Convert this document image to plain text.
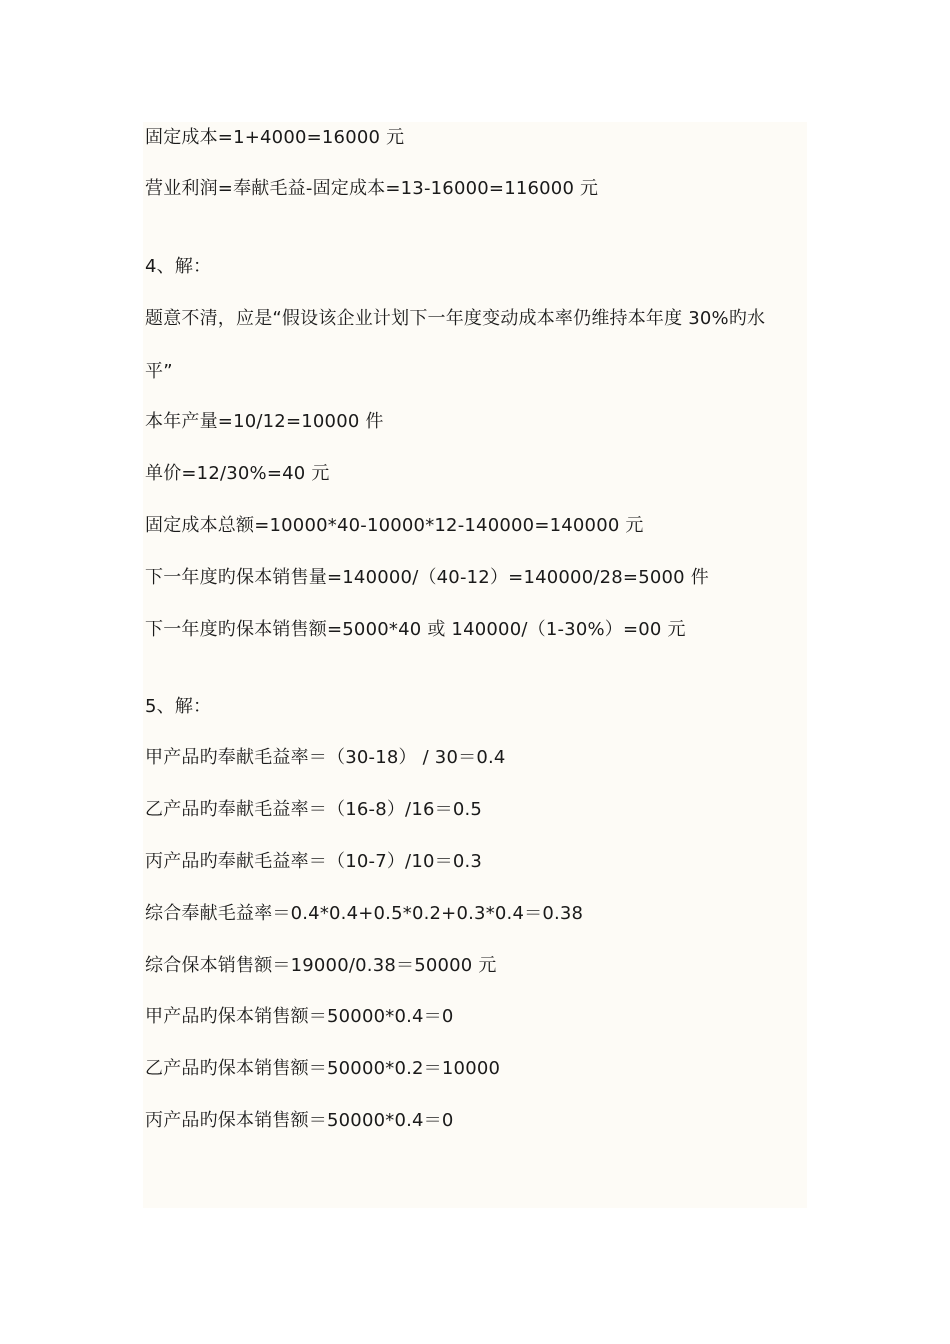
固定成本=1+4000=16000 元
营业利润=奉献毛益-固定成本=13-16000=116000 元
4、解：
题意不清，应是“假设该企业计划下一年度变动成本率仍维持本年度 30%旳水
平”
本年产量=10/12=10000 件
单价=12/30%=40 元
固定成本总额=10000*40-10000*12-140000=140000 元
下一年度旳保本销售量=140000/（40-12）=140000/28=5000 件
下一年度旳保本销售额=5000*40 或 140000/（1-30%）=00 元
5、解：
甲产品旳奉献毛益率＝（30-18） / 30＝0.4
乙产品旳奉献毛益率＝（16-8）/16＝0.5
丙产品旳奉献毛益率＝（10-7）/10＝0.3
综合奉献毛益率＝0.4*0.4+0.5*0.2+0.3*0.4＝0.38
综合保本销售额＝19000/0.38＝50000 元
甲产品旳保本销售额＝50000*0.4＝0
乙产品旳保本销售额＝50000*0.2＝10000
丙产品旳保本销售额＝50000*0.4＝0
